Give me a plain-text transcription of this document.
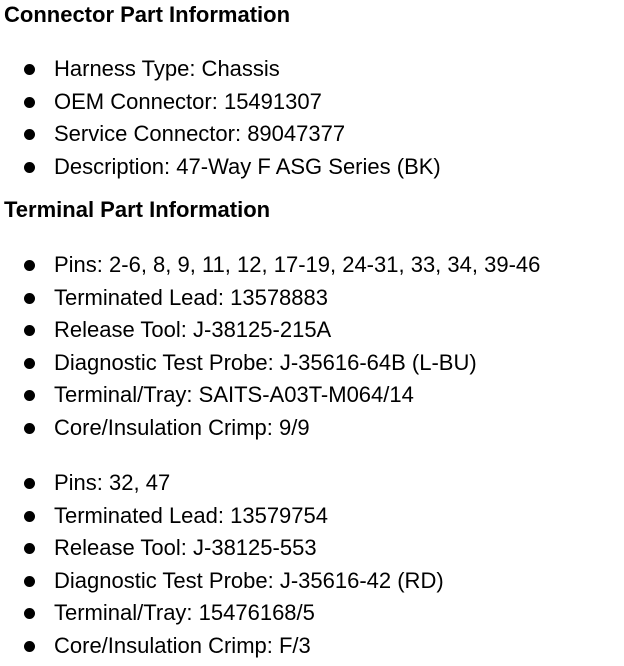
Connector Part Information
Harness Type: Chassis
OEM Connector: 15491307
Service Connector: 89047377
Description: 47-Way F ASG Series (BK)
Terminal Part Information
Pins: 2-6, 8, 9, 11, 12, 17-19, 24-31, 33, 34, 39-46
Terminated Lead: 13578883
Release Tool: J-38125-215A
Diagnostic Test Probe: J-35616-64B (L-BU)
Terminal/Tray: SAITS-A03T-M064/14
Core/Insulation Crimp: 9/9
Pins: 32, 47
Terminated Lead: 13579754
Release Tool: J-38125-553
Diagnostic Test Probe: J-35616-42 (RD)
Terminal/Tray: 15476168/5
Core/Insulation Crimp: F/3
